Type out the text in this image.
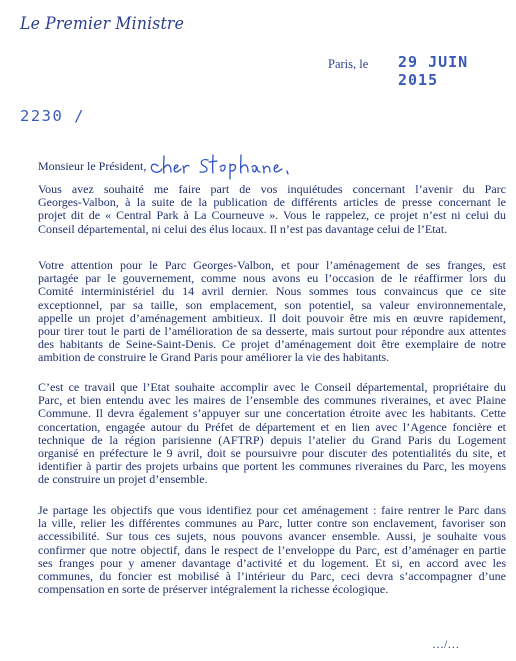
Le Premier Ministre
Paris, le 29 JUIN 2015
2230 /
Monsieur le Président,
Vous avez souhaité me faire part de vos inquiétudes concernant l’avenir du Parc
Georges-Valbon, à la suite de la publication de différents articles de presse concernant le
projet dit de « Central Park à La Courneuve ». Vous le rappelez, ce projet n’est ni celui du
Conseil départemental, ni celui des élus locaux. Il n’est pas davantage celui de l’Etat.
Votre attention pour le Parc Georges-Valbon, et pour l’aménagement de ses franges, est
partagée par le gouvernement, comme nous avons eu l’occasion de le réaffirmer lors du
Comité interministériel du 14 avril dernier. Nous sommes tous convaincus que ce site
exceptionnel, par sa taille, son emplacement, son potentiel, sa valeur environnementale,
appelle un projet d’aménagement ambitieux. Il doit pouvoir être mis en œuvre rapidement,
pour tirer tout le parti de l’amélioration de sa desserte, mais surtout pour répondre aux attentes
des habitants de Seine-Saint-Denis. Ce projet d’aménagement doit être exemplaire de notre
ambition de construire le Grand Paris pour améliorer la vie des habitants.
C’est ce travail que l’Etat souhaite accomplir avec le Conseil départemental, propriétaire du
Parc, et bien entendu avec les maires de l’ensemble des communes riveraines, et avec Plaine
Commune. Il devra également s’appuyer sur une concertation étroite avec les habitants. Cette
concertation, engagée autour du Préfet de département et en lien avec l’Agence foncière et
technique de la région parisienne (AFTRP) depuis l’atelier du Grand Paris du Logement
organisé en préfecture le 9 avril, doit se poursuivre pour discuter des potentialités du site, et
identifier à partir des projets urbains que portent les communes riveraines du Parc, les moyens
de construire un projet d’ensemble.
Je partage les objectifs que vous identifiez pour cet aménagement : faire rentrer le Parc dans
la ville, relier les différentes communes au Parc, lutter contre son enclavement, favoriser son
accessibilité. Sur tous ces sujets, nous pouvons avancer ensemble. Aussi, je souhaite vous
confirmer que notre objectif, dans le respect de l’enveloppe du Parc, est d’aménager en partie
ses franges pour y amener davantage d’activité et du logement. Et si, en accord avec les
communes, du foncier est mobilisé à l’intérieur du Parc, ceci devra s’accompagner d’une
compensation en sorte de préserver intégralement la richesse écologique.
…/…
